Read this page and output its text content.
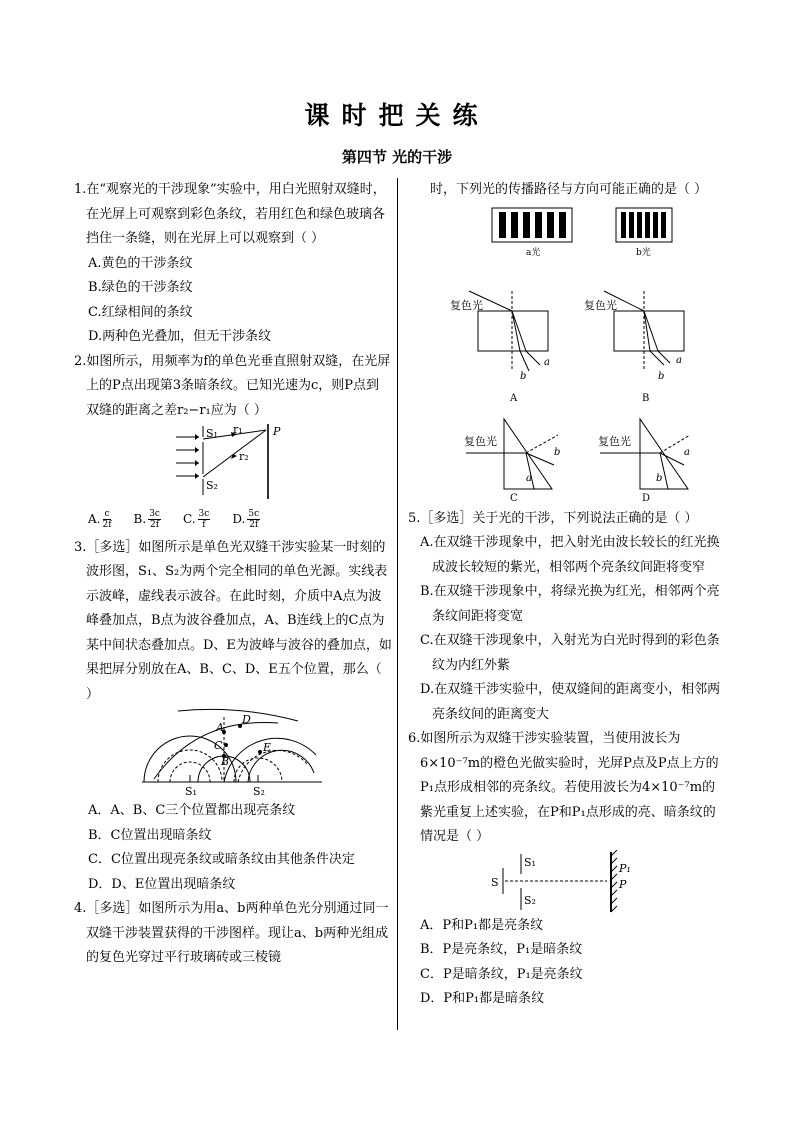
课时把关练
第四节 光的干涉

1.在“观察光的干涉现象”实验中，用白光照射双缝时，在光屏上可观察到彩色条纹，若用红色和绿色玻璃各挡住一条缝，则在光屏上可以观察到（ ）

A.黄色的干涉条纹

B.绿色的干涉条纹

C.红绿相间的条纹

D.两种色光叠加，但无干涉条纹

2.如图所示，用频率为f的单色光垂直照射双缝，在光屏上的P点出现第3条暗条纹。已知光速为c，则P点到双缝的距离之差r₂−r₁应为（ ）

S₁
S₂
r₁
r₂
P
A. $\frac{c}{2f} B$. $\frac{3c}{2f} C$. $\frac{3c}{f} D$. $\frac{5c}{2f}$

3.［多选］如图所示是单色光双缝干涉实验某一时刻的波形图，S₁、S₂为两个完全相同的单色光源。实线表示波峰，虚线表示波谷。在此时刻，介质中A点为波峰叠加点，B点为波谷叠加点，A、B连线上的C点为某中间状态叠加点。D、E为波峰与波谷的叠加点，如果把屏分别放在A、B、C、D、E五个位置，那么（ ）

A
B
C
D
E
S₁	S₂

A．A、B、C三个位置都出现亮条纹

B．C位置出现暗条纹

C．C位置出现亮条纹或暗条纹由其他条件决定

D．D、E位置出现暗条纹

4.［多选］如图所示为用a、b两种单色光分别通过同一双缝干涉装置获得的干涉图样。现让a、b两种光组成的复色光穿过平行玻璃砖或三棱镜

时，下列光的传播路径与方向可能正确的是（ ）

a光	b光
复色光
a
b
A
复色光
a
b
B
复色光
a
b
C
复色光
b
a
D

5.［多选］关于光的干涉，下列说法正确的是（ ）

A.在双缝干涉现象中，把入射光由波长较长的红光换成波长较短的紫光，相邻两个亮条纹间距将变窄

B.在双缝干涉现象中，将绿光换为红光，相邻两个亮条纹间距将变宽

C.在双缝干涉现象中，入射光为白光时得到的彩色条纹为内红外紫

D.在双缝干涉实验中，使双缝间的距离变小，相邻两亮条纹间的距离变大

6.如图所示为双缝干涉实验装置，当使用波长为6×10⁻⁷m的橙色光做实验时，光屏P点及P点上方的P₁点形成相邻的亮条纹。若使用波长为4×10⁻⁷m的紫光重复上述实验，在P和P₁点形成的亮、暗条纹的情况是（ ）

S
S₁
S₂
P₁
P

A．P和P₁都是亮条纹

B．P是亮条纹，P₁是暗条纹

C．P是暗条纹，P₁是亮条纹

D．P和P₁都是暗条纹
